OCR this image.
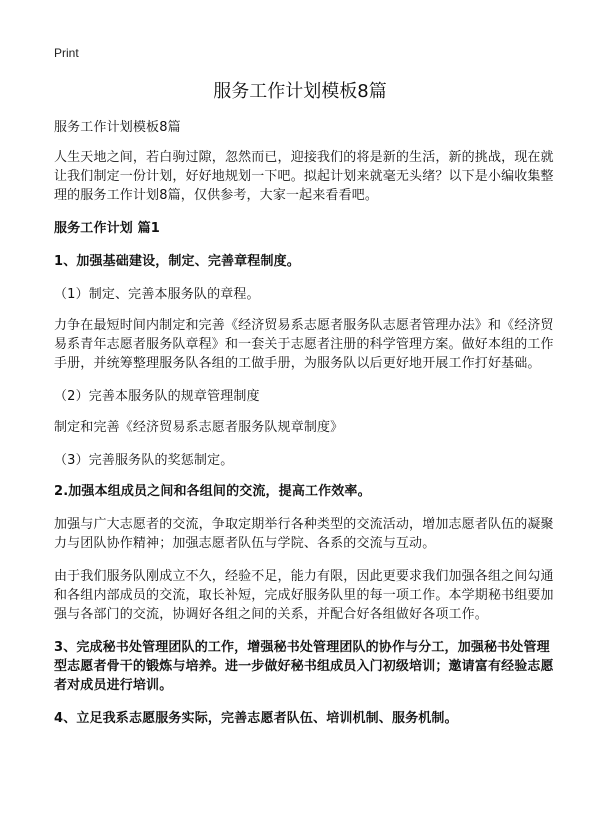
Print
服务工作计划模板8篇

服务工作计划模板8篇

人生天地之间，若白驹过隙，忽然而已，迎接我们的将是新的生活，新的挑战，现在就让我们制定一份计划，好好地规划一下吧。拟起计划来就毫无头绪？以下是小编收集整理的服务工作计划8篇，仅供参考，大家一起来看看吧。

服务工作计划 篇1

1、加强基础建设，制定、完善章程制度。

（1）制定、完善本服务队的章程。

力争在最短时间内制定和完善《经济贸易系志愿者服务队志愿者管理办法》和《经济贸易系青年志愿者服务队章程》和一套关于志愿者注册的科学管理方案。做好本组的工作手册，并统筹整理服务队各组的工做手册，为服务队以后更好地开展工作打好基础。

（2）完善本服务队的规章管理制度

制定和完善《经济贸易系志愿者服务队规章制度》

（3）完善服务队的奖惩制定。

2.加强本组成员之间和各组间的交流，提高工作效率。

加强与广大志愿者的交流，争取定期举行各种类型的交流活动，增加志愿者队伍的凝聚力与团队协作精神；加强志愿者队伍与学院、各系的交流与互动。

由于我们服务队刚成立不久，经验不足，能力有限，因此更要求我们加强各组之间勾通和各组内部成员的交流，取长补短，完成好服务队里的每一项工作。本学期秘书组要加强与各部门的交流，协调好各组之间的关系，并配合好各组做好各项工作。

3、完成秘书处管理团队的工作，增强秘书处管理团队的协作与分工，加强秘书处管理型志愿者骨干的锻炼与培养。进一步做好秘书组成员入门初级培训；邀请富有经验志愿者对成员进行培训。

4、立足我系志愿服务实际，完善志愿者队伍、培训机制、服务机制。
